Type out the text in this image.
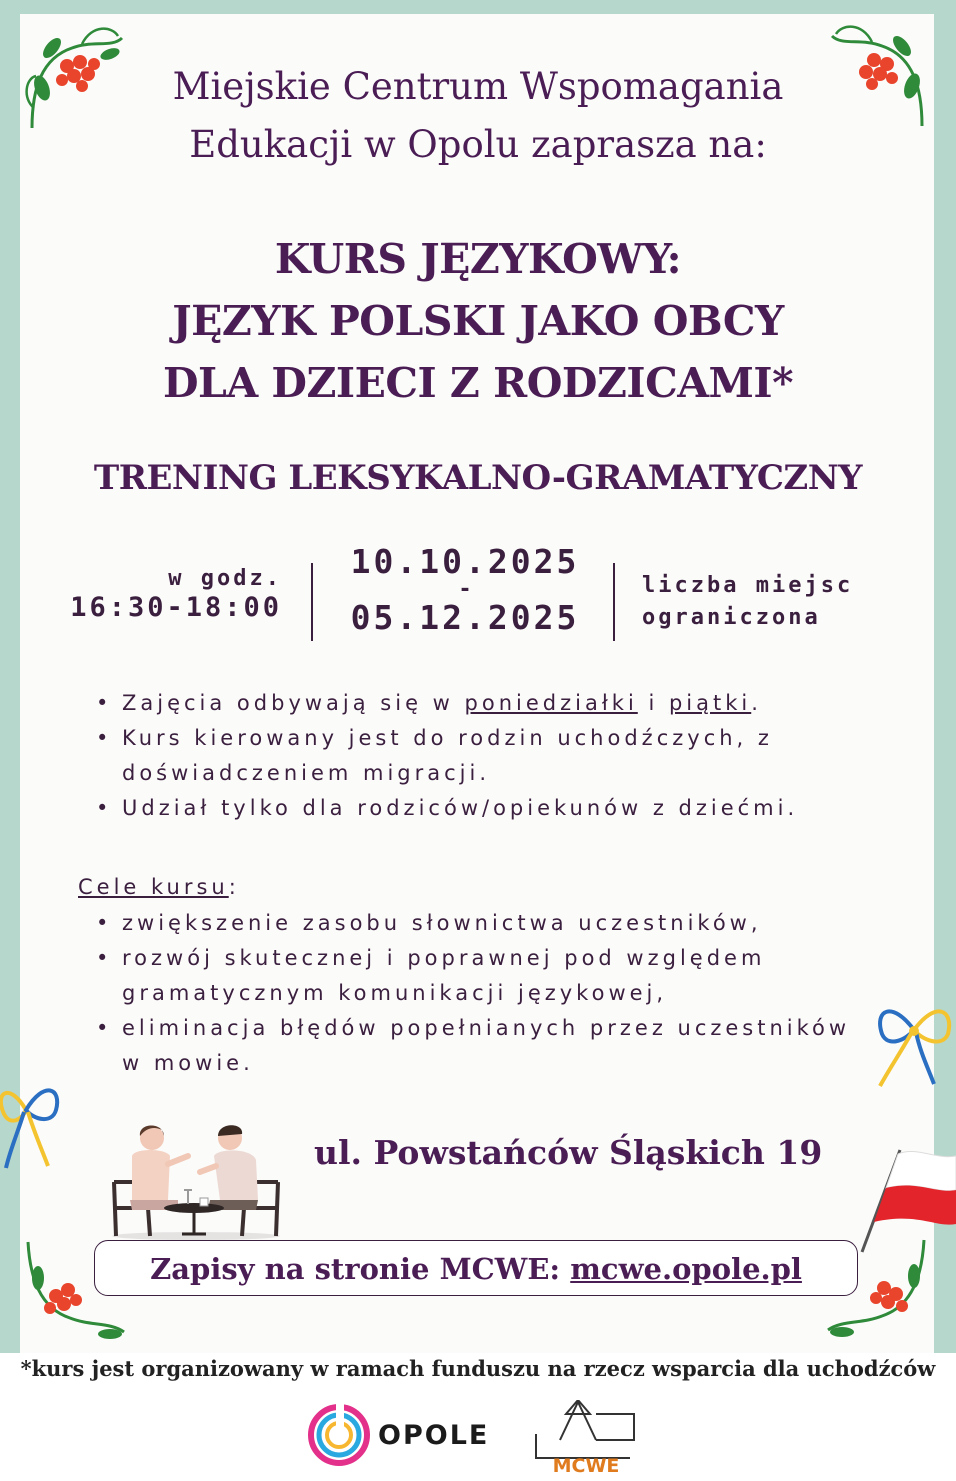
Miejskie Centrum Wspomagania
Edukacji w Opolu zaprasza na:
KURS JĘZYKOWY:
JĘZYK POLSKI JAKO OBCY
DLA DZIECI Z RODZICAMI*
TRENING LEKSYKALNO-GRAMATYCZNY
w godz.
16:30-18:00
10.10.2025
-
05.12.2025
liczba miejsc
ograniczona
• Zajęcia odbywają się w poniedziałki i piątki.
• Kurs kierowany jest do rodzin uchodźczych, z doświadczeniem migracji.
• Udział tylko dla rodziców/opiekunów z dziećmi.
Cele kursu:
• zwiększenie zasobu słownictwa uczestników,
• rozwój skutecznej i poprawnej pod względem gramatycznym komunikacji językowej,
• eliminacja błędów popełnianych przez uczestników w mowie.
ul. Powstańców Śląskich 19
Zapisy na stronie MCWE: mcwe.opole.pl
*kurs jest organizowany w ramach funduszu na rzecz wsparcia dla uchodźców
OPOLE
MCWE
